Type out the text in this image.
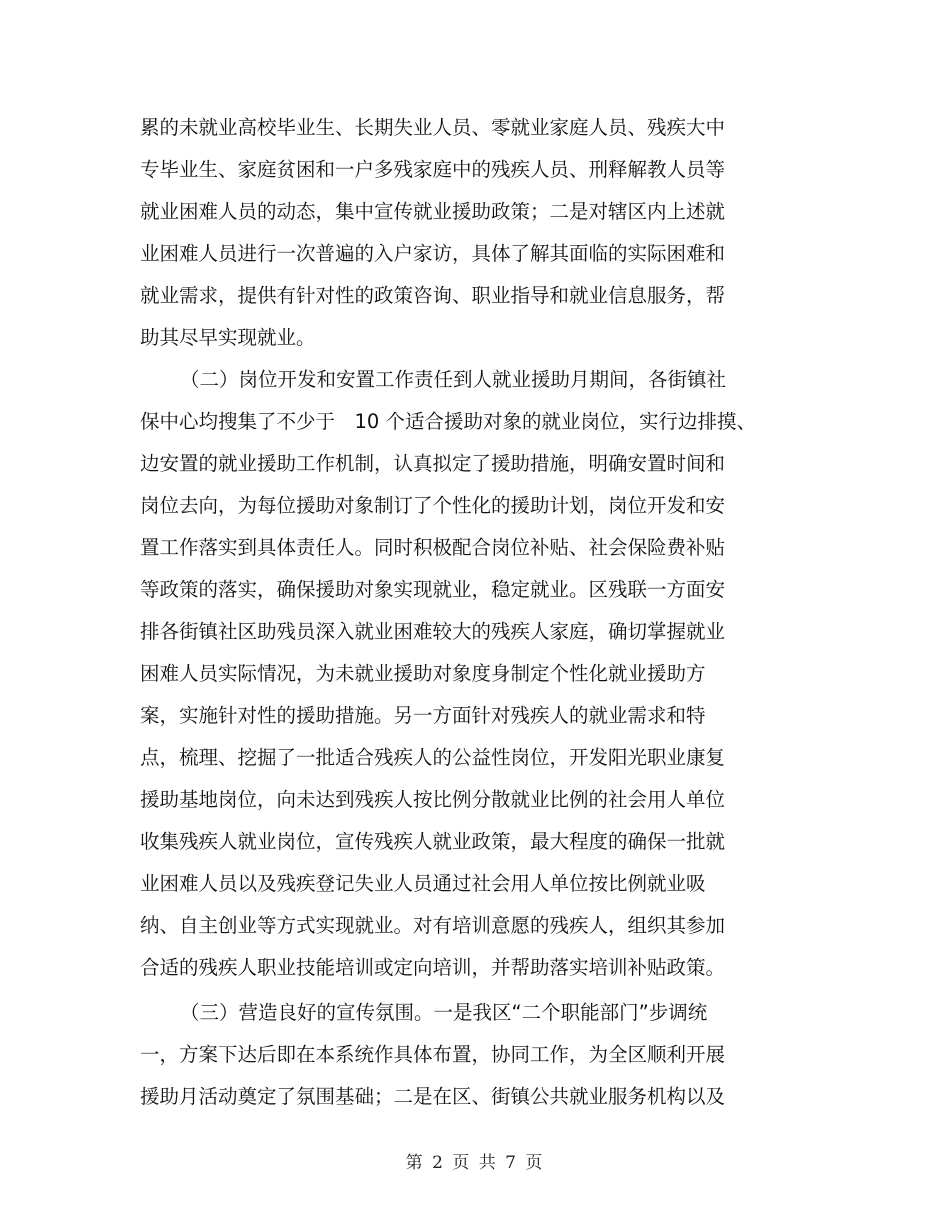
累的未就业高校毕业生、长期失业人员、零就业家庭人员、残疾大中
专毕业生、家庭贫困和一户多残家庭中的残疾人员、刑释解教人员等
就业困难人员的动态，集中宣传就业援助政策；二是对辖区内上述就
业困难人员进行一次普遍的入户家访，具体了解其面临的实际困难和
就业需求，提供有针对性的政策咨询、职业指导和就业信息服务，帮
助其尽早实现就业。
（二）岗位开发和安置工作责任到人就业援助月期间，各街镇社
保中心均搜集了不少于　10 个适合援助对象的就业岗位，实行边排摸、
边安置的就业援助工作机制，认真拟定了援助措施，明确安置时间和
岗位去向，为每位援助对象制订了个性化的援助计划，岗位开发和安
置工作落实到具体责任人。同时积极配合岗位补贴、社会保险费补贴
等政策的落实，确保援助对象实现就业，稳定就业。区残联一方面安
排各街镇社区助残员深入就业困难较大的残疾人家庭，确切掌握就业
困难人员实际情况，为未就业援助对象度身制定个性化就业援助方
案，实施针对性的援助措施。另一方面针对残疾人的就业需求和特
点，梳理、挖掘了一批适合残疾人的公益性岗位，开发阳光职业康复
援助基地岗位，向未达到残疾人按比例分散就业比例的社会用人单位
收集残疾人就业岗位，宣传残疾人就业政策，最大程度的确保一批就
业困难人员以及残疾登记失业人员通过社会用人单位按比例就业吸
纳、自主创业等方式实现就业。对有培训意愿的残疾人，组织其参加
合适的残疾人职业技能培训或定向培训，并帮助落实培训补贴政策。
（三）营造良好的宣传氛围。一是我区“二个职能部门”步调统
一，方案下达后即在本系统作具体布置，协同工作，为全区顺利开展
援助月活动奠定了氛围基础；二是在区、街镇公共就业服务机构以及
第 2 页 共 7 页
